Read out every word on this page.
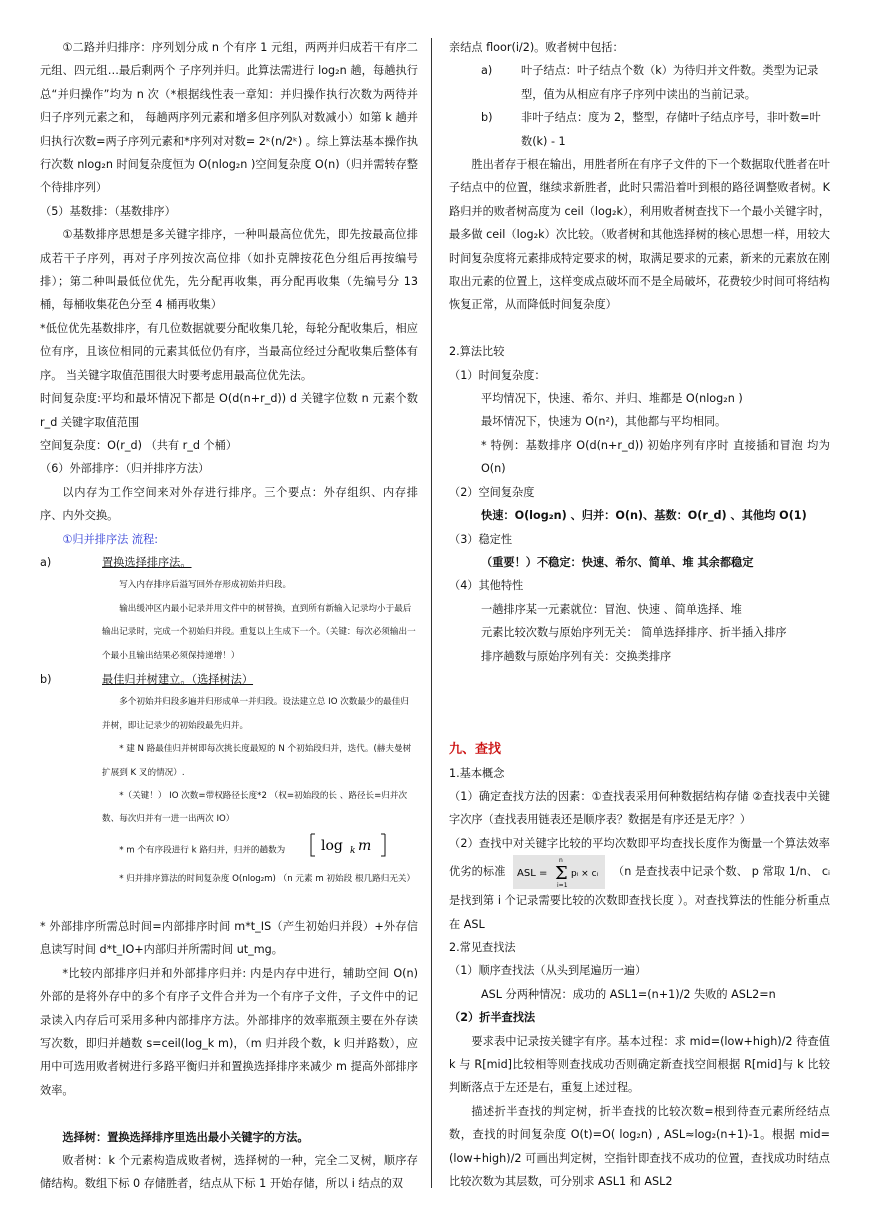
①二路并归排序：序列划分成 n 个有序 1 元组，两两并归成若干有序二元组、四元组…最后剩两个 子序列并归。此算法需进行 log₂n 趟，每趟执行总“并归操作”均为 n 次（*根据线性表一章知：并归操作执行次数为两待并归子序列元素之和， 每趟两序列元素和增多但序列队对数减小）如第 k 趟并归执行次数=两子序列元素和*序列对对数= 2ᵏ(n/2ᵏ) 。综上算法基本操作执行次数 nlog₂n 时间复杂度恒为 O(nlog₂n )空间复杂度 O(n)（归并需转存整个待排序列）
（5）基数排：（基数排序）
①基数排序思想是多关键字排序，一种叫最高位优先，即先按最高位排成若干子序列，再对子序列按次高位排（如扑克牌按花色分组后再按编号排）；第二种叫最低位优先，先分配再收集，再分配再收集（先编号分 13 桶，每桶收集花色分至 4 桶再收集）
*低位优先基数排序，有几位数据就要分配收集几轮，每轮分配收集后，相应位有序，且该位相同的元素其低位仍有序，当最高位经过分配收集后整体有序。 当关键字取值范围很大时要考虑用最高位优先法。
时间复杂度:平均和最坏情况下都是 O(d(n+r_d)) d 关键字位数 n 元素个数 r_d 关键字取值范围
空间复杂度：O(r_d) （共有 r_d 个桶）
（6）外部排序：（归并排序方法）
以内存为工作空间来对外存进行排序。三个要点：外存组织、内存排序、内外交换。
①归并排序法 流程:
a)	置换选择排序法。
写入内存排序后溢写回外存形成初始并归段。
输出缓冲区内最小记录并用文件中的树替换，直到所有新输入记录均小于最后输出记录时，完成一个初始归并段。重复以上生成下一个。（关键：每次必须输出一个最小且输出结果必须保持递增！）
b)	最佳归并树建立。（选择树法）
多个初始并归段多遍并归形成单一并归段。设法建立总 IO 次数最少的最佳归并树，即让记录少的初始段最先归并。
* 建 N 路最佳归并树即每次挑长度最短的 N 个初始段归并，迭代。(赫夫曼树扩展到 K 叉的情况）.
*（关键！） IO 次数=带权路径长度*2 （权=初始段的长 、路径长=归并次数、每次归并有一进一出两次 IO）
* m 个有序段进行 k 路归并，归并的趟数为	log k m
* 归并排序算法的时间复杂度 O(nlog₂m) （n 元素 m 初始段 根几路归无关）
* 外部排序所需总时间=内部排序时间 m*t_IS（产生初始归并段）+外存信息读写时间 d*t_IO+内部归并所需时间 ut_mg。
*比较内部排序归并和外部排序归并: 内是内存中进行，辅助空间 O(n) 外部的是将外存中的多个有序子文件合并为一个有序子文件，子文件中的记录读入内存后可采用多种内部排序方法。外部排序的效率瓶颈主要在外存读写次数，即归并趟数 s=ceil(log_k m)，（m 归并段个数，k 归并路数），应用中可选用败者树进行多路平衡归并和置换选择排序来减少 m 提高外部排序效率。
选择树：置换选择排序里选出最小关键字的方法。
败者树：k 个元素构造成败者树，选择树的一种，完全二叉树，顺序存储结构。数组下标 0 存储胜者，结点从下标 1 开始存储，所以 i 结点的双
亲结点 floor(i/2)。败者树中包括：
a)	叶子结点：叶子结点个数（k）为待归并文件数。类型为记录型，值为从相应有序子序列中读出的当前记录。
b)	非叶子结点：度为 2，整型，存储叶子结点序号，非叶数=叶数(k) - 1
胜出者存于根在输出，用胜者所在有序子文件的下一个数据取代胜者在叶子结点中的位置，继续求新胜者，此时只需沿着叶到根的路径调整败者树。K 路归并的败者树高度为 ceil（log₂k），利用败者树查找下一个最小关键字时，最多做 ceil（log₂k）次比较。（败者树和其他选择树的核心思想一样，用较大时间复杂度将元素排成特定要求的树，取满足要求的元素，新来的元素放在刚取出元素的位置上，这样变成点破坏而不是全局破坏，花费较少时间可将结构恢复正常，从而降低时间复杂度）
2.算法比较
（1）时间复杂度：
平均情况下，快速、希尔、并归、堆都是 O(nlog₂n )
最坏情况下，快速为 O(n²)，其他都与平均相同。
* 特例：基数排序 O(d(n+r_d)) 初始序列有序时 直接插和冒泡 均为 O(n)
（2）空间复杂度
快速：O(log₂n) 、归并：O(n)、基数：O(r_d) 、其他均 O(1)
（3）稳定性
（重要！）不稳定：快速、希尔、简单、堆 其余都稳定
（4）其他特性
一趟排序某一元素就位：冒泡、快速 、简单选择、堆
元素比较次数与原始序列无关： 简单选择排序、折半插入排序
排序趟数与原始序列有关：交换类排序
九、查找
1.基本概念
（1）确定查找方法的因素：①查找表采用何种数据结构存储 ②查找表中关键字次序（查找表用链表还是顺序表？数据是有序还是无序？）
（2）查找中对关键字比较的平均次数即平均查找长度作为衡量一个算法效率优劣的标准 ASL = Σ
n
i=1
pᵢ × cᵢ （n 是查找表中记录个数、 p 常取 1/n、 cᵢ 是找到第 i 个记录需要比较的次数即查找长度 ）。对查找算法的性能分析重点在 ASL
2.常见查找法
（1）顺序查找法（从头到尾遍历一遍）
ASL 分两种情况：成功的 ASL1=(n+1)/2 失败的 ASL2=n
（2）折半查找法
要求表中记录按关键字有序。基本过程：求 mid=(low+high)/2 待查值 k 与 R[mid]比较相等则查找成功否则确定新查找空间根据 R[mid]与 k 比较判断落点于左还是右，重复上述过程。
描述折半查找的判定树，折半查找的比较次数=根到待查元素所经结点数，查找的时间复杂度 O(t)=O( log₂n) , ASL≈log₂(n+1)-1。根据 mid=(low+high)/2 可画出判定树，空指针即查找不成功的位置，查找成功时结点比较次数为其层数，可分别求 ASL1 和 ASL2
